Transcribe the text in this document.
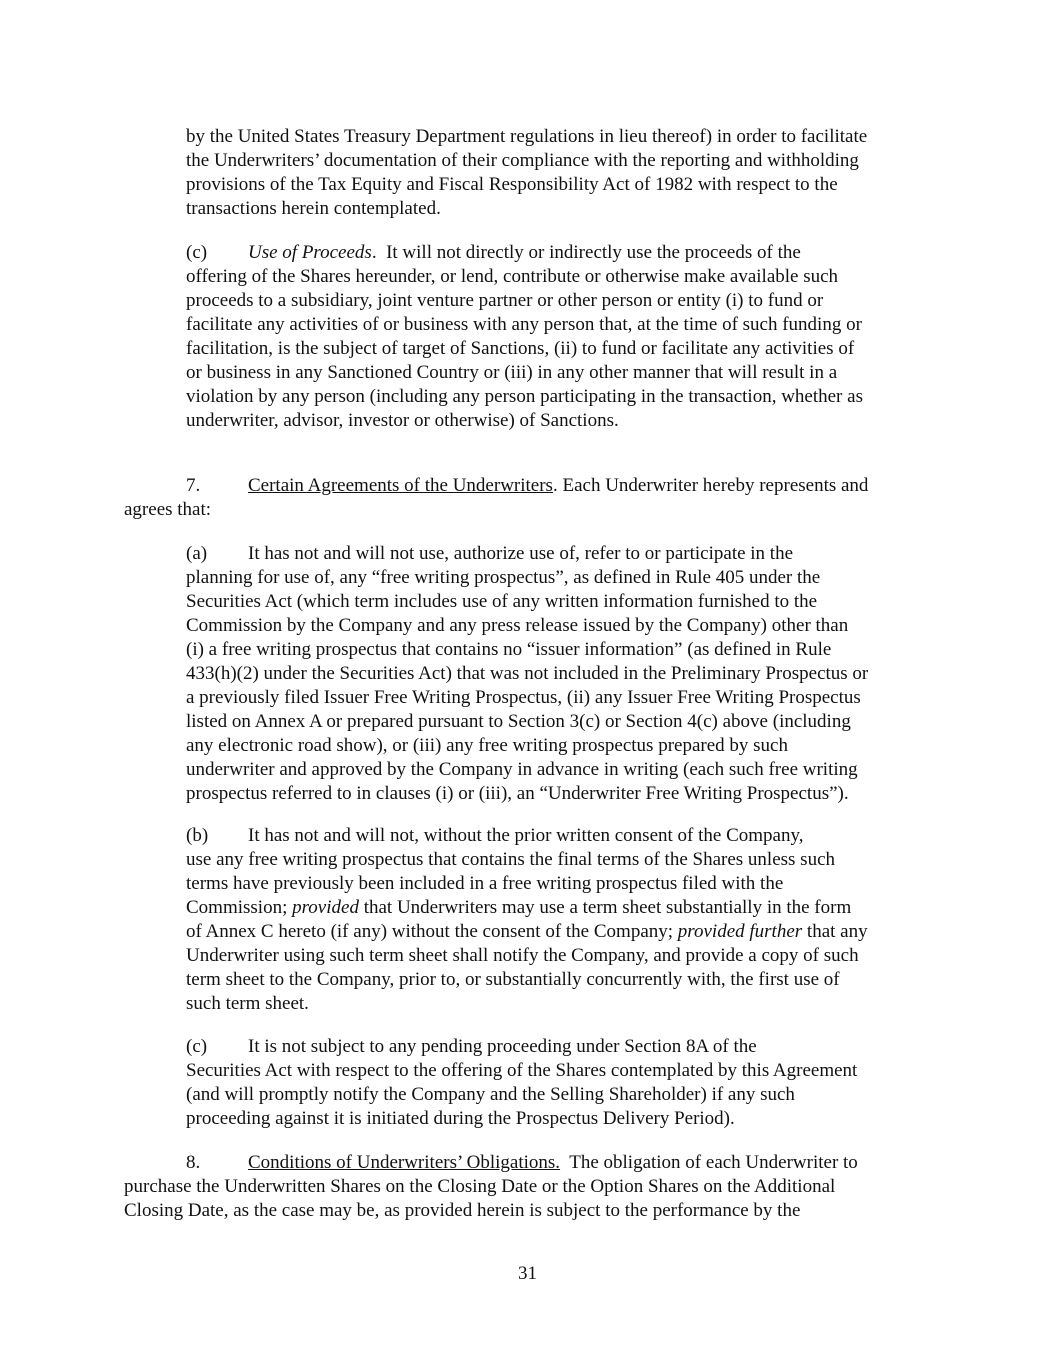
by the United States Treasury Department regulations in lieu thereof) in order to facilitate
the Underwriters’ documentation of their compliance with the reporting and withholding
provisions of the Tax Equity and Fiscal Responsibility Act of 1982 with respect to the
transactions herein contemplated.
(c) Use of Proceeds.  It will not directly or indirectly use the proceeds of the
offering of the Shares hereunder, or lend, contribute or otherwise make available such
proceeds to a subsidiary, joint venture partner or other person or entity (i) to fund or
facilitate any activities of or business with any person that, at the time of such funding or
facilitation, is the subject of target of Sanctions, (ii) to fund or facilitate any activities of
or business in any Sanctioned Country or (iii) in any other manner that will result in a
violation by any person (including any person participating in the transaction, whether as
underwriter, advisor, investor or otherwise) of Sanctions.
7.	Certain Agreements of the Underwriters. Each Underwriter hereby represents and
agrees that:
(a) It has not and will not use, authorize use of, refer to or participate in the
planning for use of, any “free writing prospectus”, as defined in Rule 405 under the
Securities Act (which term includes use of any written information furnished to the
Commission by the Company and any press release issued by the Company) other than
(i) a free writing prospectus that contains no “issuer information” (as defined in Rule
433(h)(2) under the Securities Act) that was not included in the Preliminary Prospectus or
a previously filed Issuer Free Writing Prospectus, (ii) any Issuer Free Writing Prospectus
listed on Annex A or prepared pursuant to Section 3(c) or Section 4(c) above (including
any electronic road show), or (iii) any free writing prospectus prepared by such
underwriter and approved by the Company in advance in writing (each such free writing
prospectus referred to in clauses (i) or (iii), an “Underwriter Free Writing Prospectus”).
(b) It has not and will not, without the prior written consent of the Company,
use any free writing prospectus that contains the final terms of the Shares unless such
terms have previously been included in a free writing prospectus filed with the
Commission; provided that Underwriters may use a term sheet substantially in the form
of Annex C hereto (if any) without the consent of the Company; provided further that any
Underwriter using such term sheet shall notify the Company, and provide a copy of such
term sheet to the Company, prior to, or substantially concurrently with, the first use of
such term sheet.
(c) It is not subject to any pending proceeding under Section 8A of the
Securities Act with respect to the offering of the Shares contemplated by this Agreement
(and will promptly notify the Company and the Selling Shareholder) if any such
proceeding against it is initiated during the Prospectus Delivery Period).
8.	Conditions of Underwriters’ Obligations.  The obligation of each Underwriter to
purchase the Underwritten Shares on the Closing Date or the Option Shares on the Additional
Closing Date, as the case may be, as provided herein is subject to the performance by the
31
